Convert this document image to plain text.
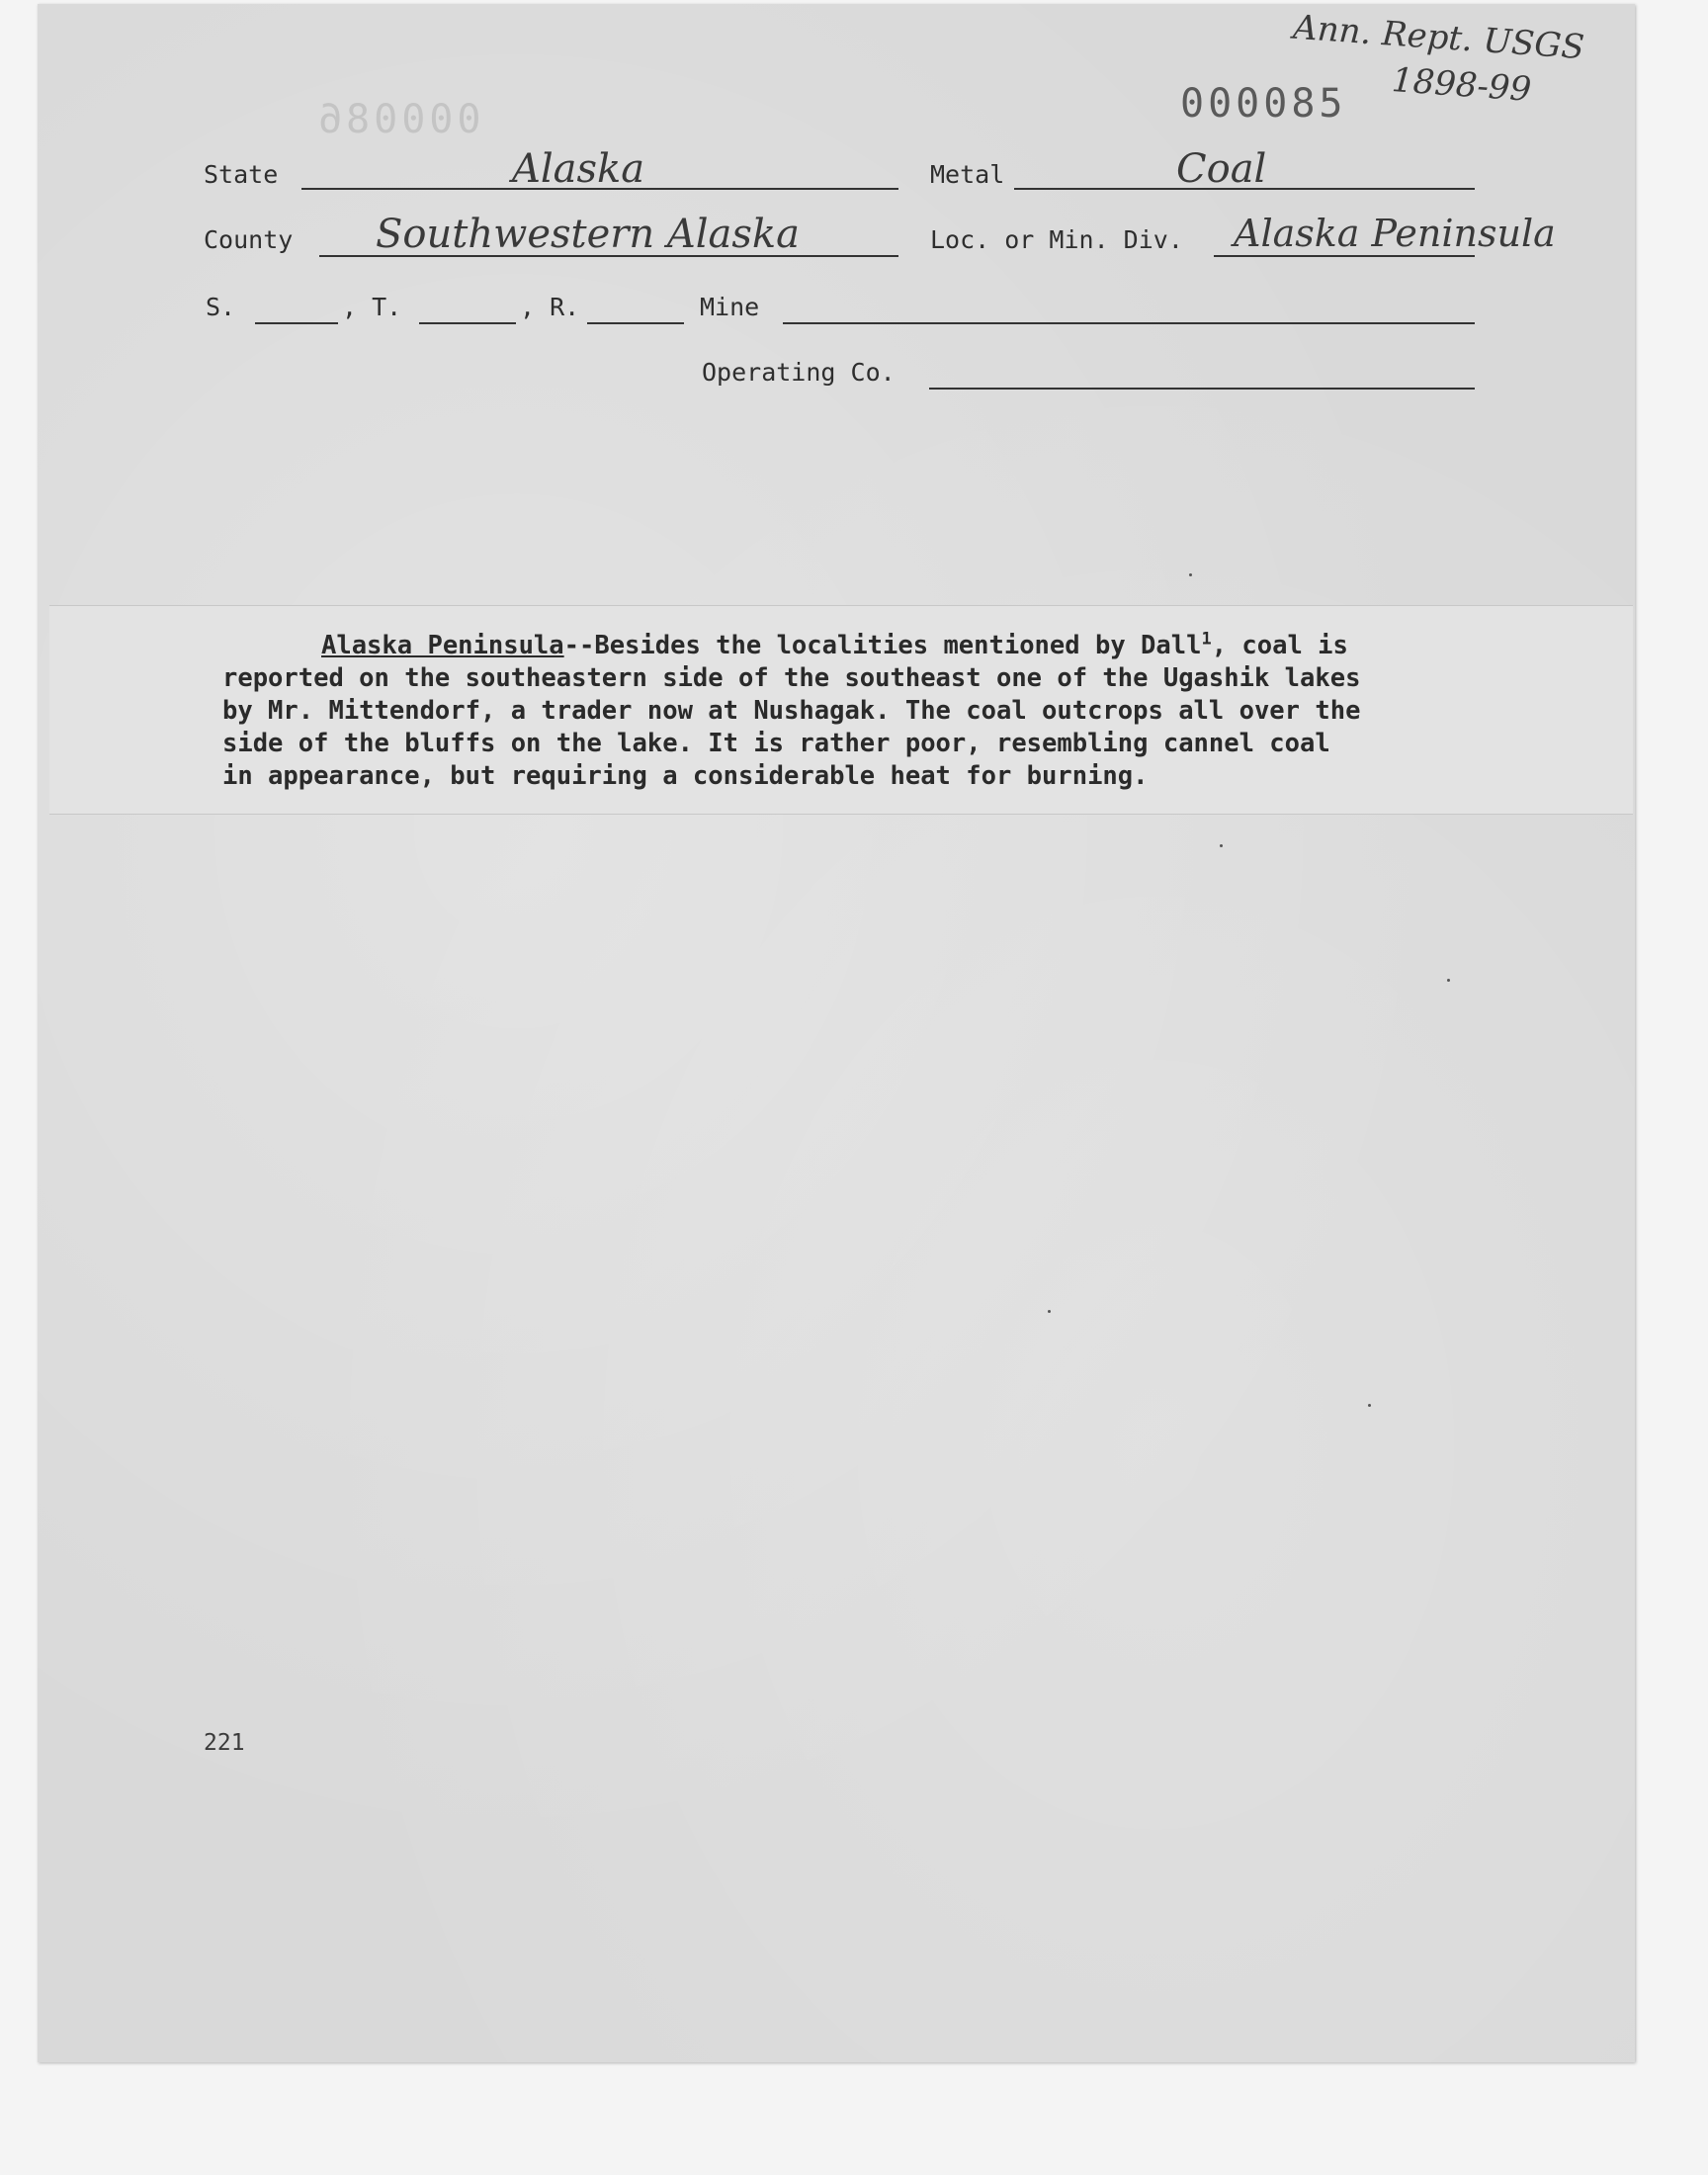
Ann. Rept. USGS
1898-99
000086	000085
State	Alaska	Metal	Coal
County Southwestern Alaska	Loc. or Min. Div. Alaska Peninsula
S.	, T.	, R.	Mine
Operating Co.

Alaska Peninsula--Besides the localities mentioned by Dall$^1$, coal is

reported on the southeastern side of the southeast one of the Ugashik lakes

by Mr. Mittendorf, a trader now at Nushagak. The coal outcrops all over the

side of the bluffs on the lake. It is rather poor, resembling cannel coal

in appearance, but requiring a considerable heat for burning.

221
